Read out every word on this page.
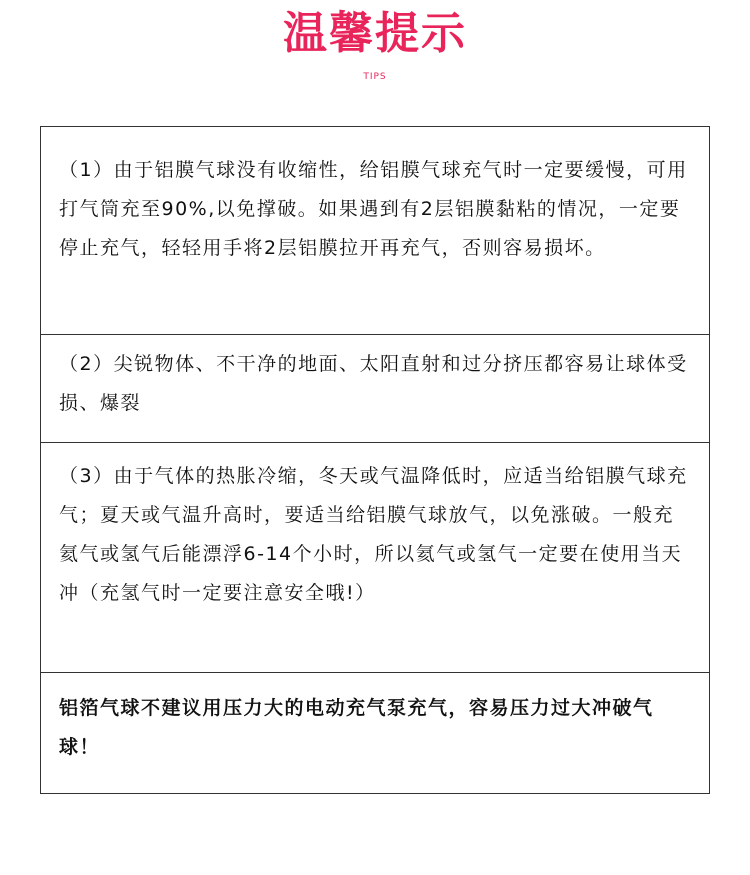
温馨提示
TIPS

（1）由于铝膜气球没有收缩性，给铝膜气球充气时一定要缓慢，可用打气筒充至90%,以免撑破。如果遇到有2层铝膜黏粘的情况，一定要停止充气，轻轻用手将2层铝膜拉开再充气，否则容易损坏。

（2）尖锐物体、不干净的地面、太阳直射和过分挤压都容易让球体受损、爆裂

（3）由于气体的热胀冷缩，冬天或气温降低时，应适当给铝膜气球充气；夏天或气温升高时，要适当给铝膜气球放气，以免涨破。一般充氦气或氢气后能漂浮6-14个小时，所以氦气或氢气一定要在使用当天冲（充氢气时一定要注意安全哦!）

铝箔气球不建议用压力大的电动充气泵充气，容易压力过大冲破气球！
